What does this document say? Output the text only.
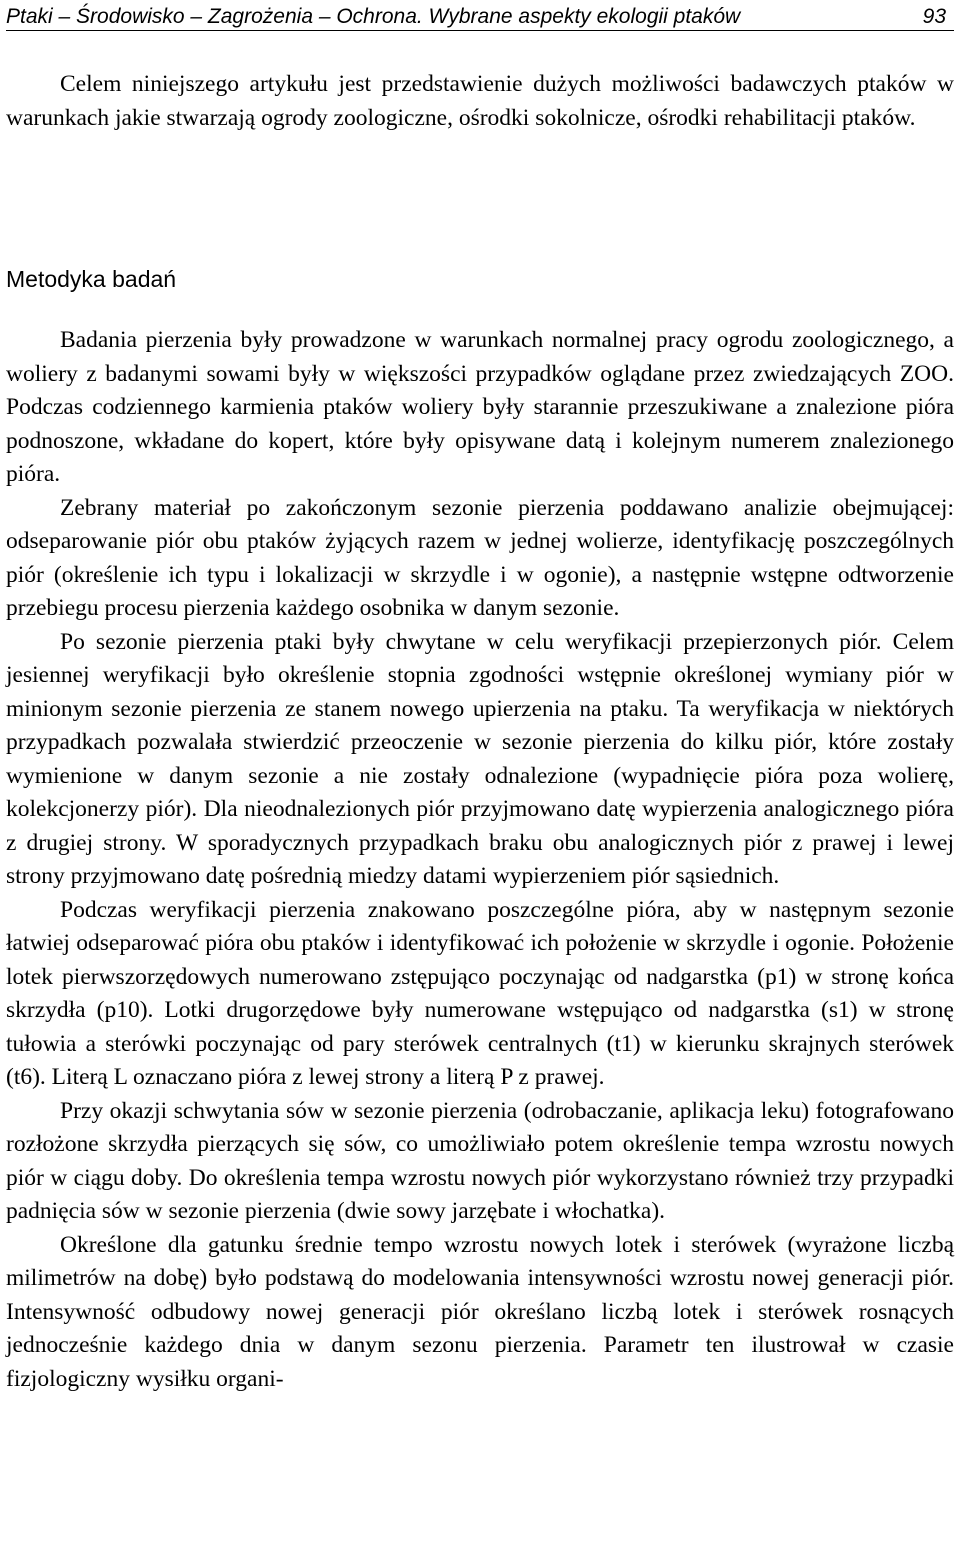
Ptaki – Środowisko – Zagrożenia – Ochrona. Wybrane aspekty ekologii ptaków	93

Celem niniejszego artykułu jest przedstawienie dużych możliwości badawczych ptaków w warunkach jakie stwarzają ogrody zoologiczne, ośrodki sokolnicze, ośrodki rehabilitacji ptaków.

Metodyka badań

Badania pierzenia były prowadzone w warunkach normalnej pracy ogrodu zoologicznego, a woliery z badanymi sowami były w większości przypadków oglądane przez zwiedzających ZOO. Podczas codziennego karmienia ptaków woliery były starannie przeszukiwane a znalezione pióra podnoszone, wkładane do kopert, które były opisywane datą i kolejnym numerem znalezionego pióra.

Zebrany materiał po zakończonym sezonie pierzenia poddawano analizie obejmującej: odseparowanie piór obu ptaków żyjących razem w jednej wolierze, identyfikację poszczególnych piór (określenie ich typu i lokalizacji w skrzydle i w ogonie), a następnie wstępne odtworzenie przebiegu procesu pierzenia każdego osobnika w danym sezonie.

Po sezonie pierzenia ptaki były chwytane w celu weryfikacji przepierzonych piór. Celem jesiennej weryfikacji było określenie stopnia zgodności wstępnie określonej wymiany piór w minionym sezonie pierzenia ze stanem nowego upierzenia na ptaku. Ta weryfikacja w niektórych przypadkach pozwalała stwierdzić przeoczenie w sezonie pierzenia do kilku piór, które zostały wymienione w danym sezonie a nie zostały odnalezione (wypadnięcie pióra poza wolierę, kolekcjonerzy piór). Dla nieodnalezionych piór przyjmowano datę wypierzenia analogicznego pióra z drugiej strony. W sporadycznych przypadkach braku obu analogicznych piór z prawej i lewej strony przyjmowano datę pośrednią miedzy datami wypierzeniem piór sąsiednich.

Podczas weryfikacji pierzenia znakowano poszczególne pióra, aby w następnym sezonie łatwiej odseparować pióra obu ptaków i identyfikować ich położenie w skrzydle i ogonie. Położenie lotek pierwszorzędowych numerowano zstępująco poczynając od nadgarstka (p1) w stronę końca skrzydła (p10). Lotki drugorzędowe były numerowane wstępująco od nadgarstka (s1) w stronę tułowia a sterówki poczynając od pary sterówek centralnych (t1) w kierunku skrajnych sterówek (t6). Literą L oznaczano pióra z lewej strony a literą P z prawej.

Przy okazji schwytania sów w sezonie pierzenia (odrobaczanie, aplikacja leku) fotografowano rozłożone skrzydła pierzących się sów, co umożliwiało potem określenie tempa wzrostu nowych piór w ciągu doby. Do określenia tempa wzrostu nowych piór wykorzystano również trzy przypadki padnięcia sów w sezonie pierzenia (dwie sowy jarzębate i włochatka).

Określone dla gatunku średnie tempo wzrostu nowych lotek i sterówek (wyrażone liczbą milimetrów na dobę) było podstawą do modelowania intensywności wzrostu nowej generacji piór. Intensywność odbudowy nowej generacji piór określano liczbą lotek i sterówek rosnących jednocześnie każdego dnia w danym sezonu pierzenia. Parametr ten ilustrował w czasie fizjologiczny wysiłku organi-
